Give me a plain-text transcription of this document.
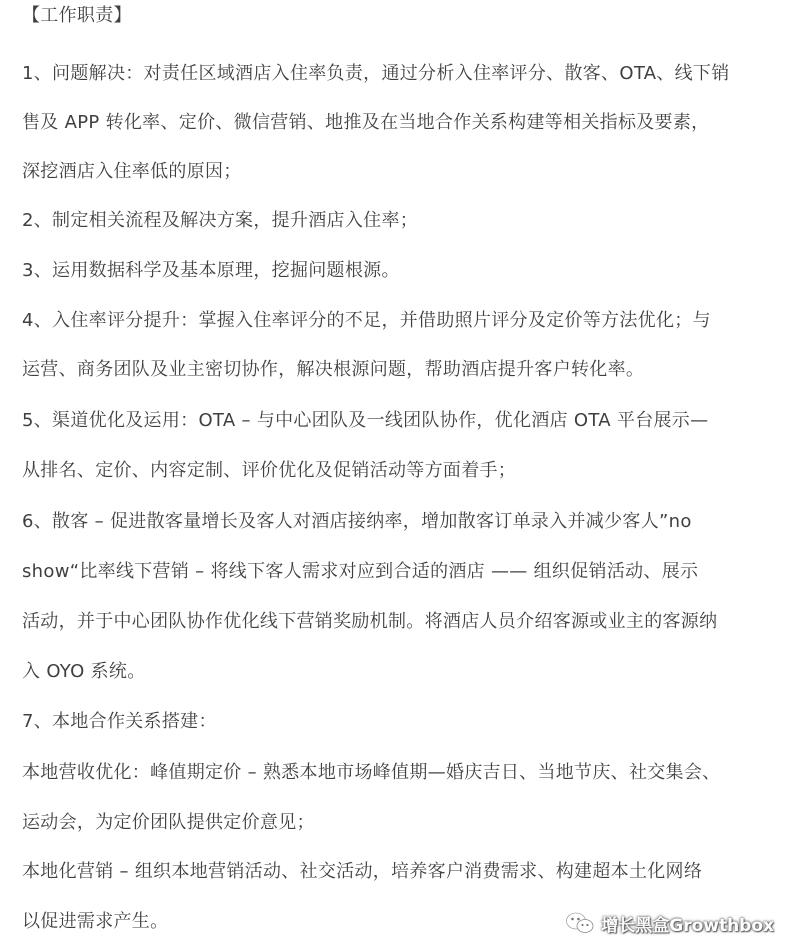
【工作职责】
1、问题解决：对责任区域酒店入住率负责，通过分析入住率评分、散客、OTA、线下销
售及 APP 转化率、定价、微信营销、地推及在当地合作关系构建等相关指标及要素，
深挖酒店入住率低的原因；
2、制定相关流程及解决方案，提升酒店入住率；
3、运用数据科学及基本原理，挖掘问题根源。
4、入住率评分提升：掌握入住率评分的不足，并借助照片评分及定价等方法优化；与
运营、商务团队及业主密切协作，解决根源问题，帮助酒店提升客户转化率。
5、渠道优化及运用：OTA – 与中心团队及一线团队协作，优化酒店 OTA 平台展示—
从排名、定价、内容定制、评价优化及促销活动等方面着手；
6、散客 – 促进散客量增长及客人对酒店接纳率，增加散客订单录入并减少客人”no
show“比率线下营销 – 将线下客人需求对应到合适的酒店 —— 组织促销活动、展示
活动，并于中心团队协作优化线下营销奖励机制。将酒店人员介绍客源或业主的客源纳
入 OYO 系统。
7、本地合作关系搭建：
本地营收优化：峰值期定价 – 熟悉本地市场峰值期—婚庆吉日、当地节庆、社交集会、
运动会，为定价团队提供定价意见；
本地化营销 – 组织本地营销活动、社交活动，培养客户消费需求、构建超本土化网络
以促进需求产生。	增长黑盒Growthbox
